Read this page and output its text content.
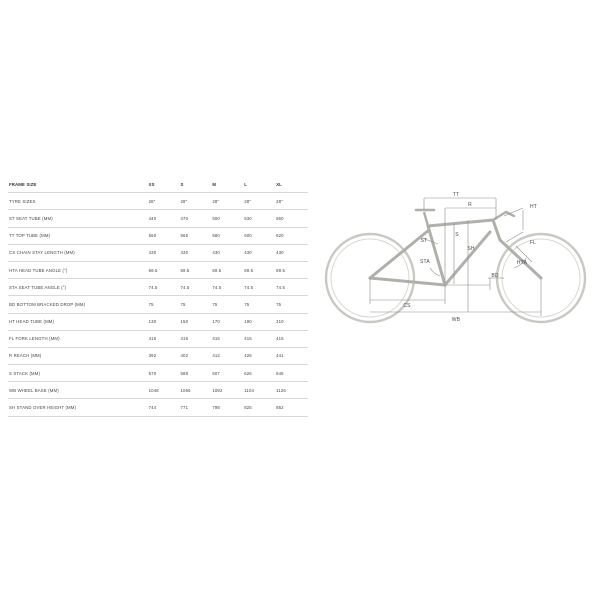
FRAME SIZE	XS	S	M	L	XL
TYRE SIZES	28"	28"	28"	28"	28"
ST SEAT TUBE (MM)	440	470	500	530	560
TT TOP TUBE (MM)	550	565	580	600	620
CS CHAIN STAY LENGTH (MM)	430	430	430	430	430
HTA HEAD TUBE ANGLE (°)	69.5	69.5	69.5	69.5	69.5
STA SEAT TUBE ANGLE (°)	74.5	74.5	74.5	74.5	74.5
BD BOTTOM BRACKED DROP (MM)	75	75	75	75	75
HT HEAD TUBE (MM)	130	150	170	190	210
FL FORK LENGTH (MM)	415	415	415	415	415
R REACH (MM)	392	402	412	426	441
S STACK (MM)	570	588	607	626	645
WB WHEEL BASE (MM)	1048	1065	1082	1104	1126
SH STAND OVER HEIGHT (MM)	744	771	798	825	852
TT
R	HT
ST
S
SH
FL
STA	HTA
BD
CS
WB
